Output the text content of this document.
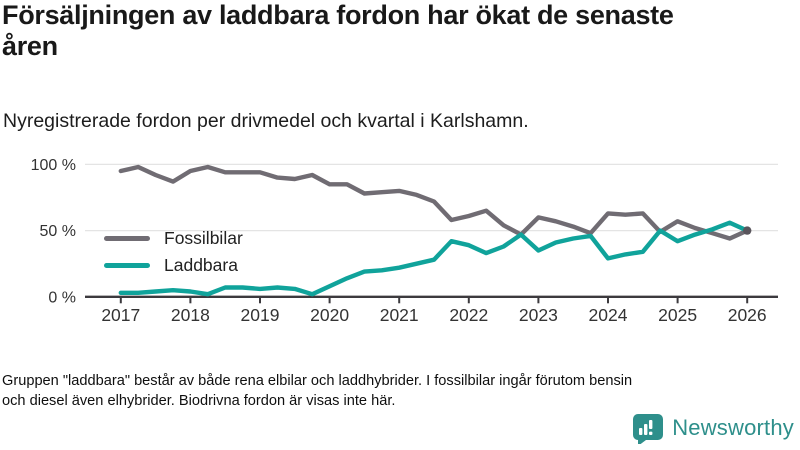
Försäljningen av laddbara fordon har ökat de senaste
åren
Nyregistrerade fordon per drivmedel och kvartal i Karlshamn.
0 %
50 %
100 %
2017 2018 2019 2020 2021 2022 2023 2024 2025 2026
Fossilbilar
Laddbara
Gruppen "laddbara" består av både rena elbilar och laddhybrider. I fossilbilar ingår förutom bensin
och diesel även elhybrider. Biodrivna fordon är visas inte här.
Newsworthy
